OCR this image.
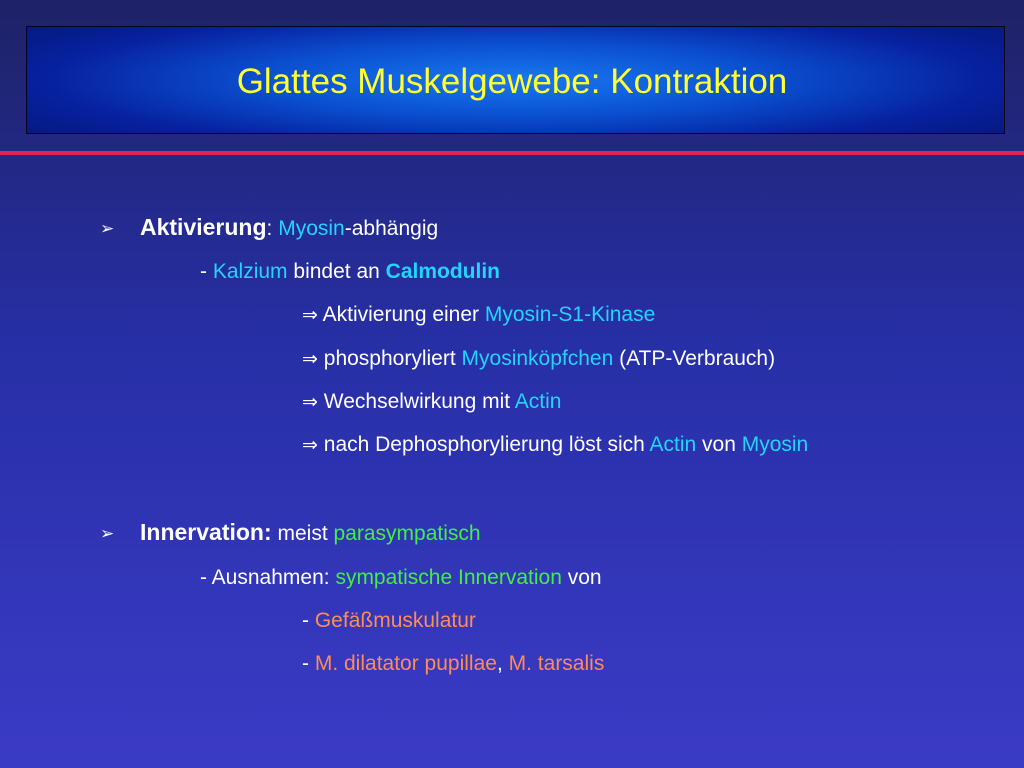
Glattes Muskelgewebe: Kontraktion
➢ Aktivierung: Myosin-abhängig
- Kalzium bindet an Calmodulin
⇒ Aktivierung einer Myosin-S1-Kinase
⇒ phosphoryliert Myosinköpfchen (ATP-Verbrauch)
⇒ Wechselwirkung mit Actin
⇒ nach Dephosphorylierung löst sich Actin von Myosin
➢ Innervation: meist parasympatisch
- Ausnahmen: sympatische Innervation von
- Gefäßmuskulatur
- M. dilatator pupillae, M. tarsalis
